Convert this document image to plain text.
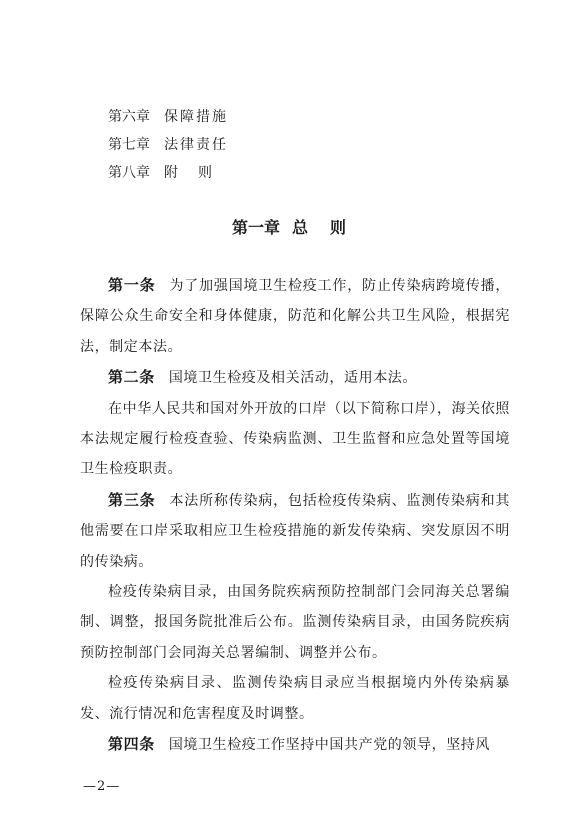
第六章	保障措施
第七章	法律责任
第八章	附则
第一章 总则

第一条 为了加强国境卫生检疫工作，防止传染病跨境传播，保障公众生命安全和身体健康，防范和化解公共卫生风险，根据宪法，制定本法。

第二条 国境卫生检疫及相关活动，适用本法。

在中华人民共和国对外开放的口岸（以下简称口岸），海关依照本法规定履行检疫查验、传染病监测、卫生监督和应急处置等国境卫生检疫职责。

第三条 本法所称传染病，包括检疫传染病、监测传染病和其他需要在口岸采取相应卫生检疫措施的新发传染病、突发原因不明的传染病。

检疫传染病目录，由国务院疾病预防控制部门会同海关总署编制、调整，报国务院批准后公布。监测传染病目录，由国务院疾病预防控制部门会同海关总署编制、调整并公布。

检疫传染病目录、监测传染病目录应当根据境内外传染病暴发、流行情况和危害程度及时调整。

第四条 国境卫生检疫工作坚持中国共产党的领导，坚持风

—2—
